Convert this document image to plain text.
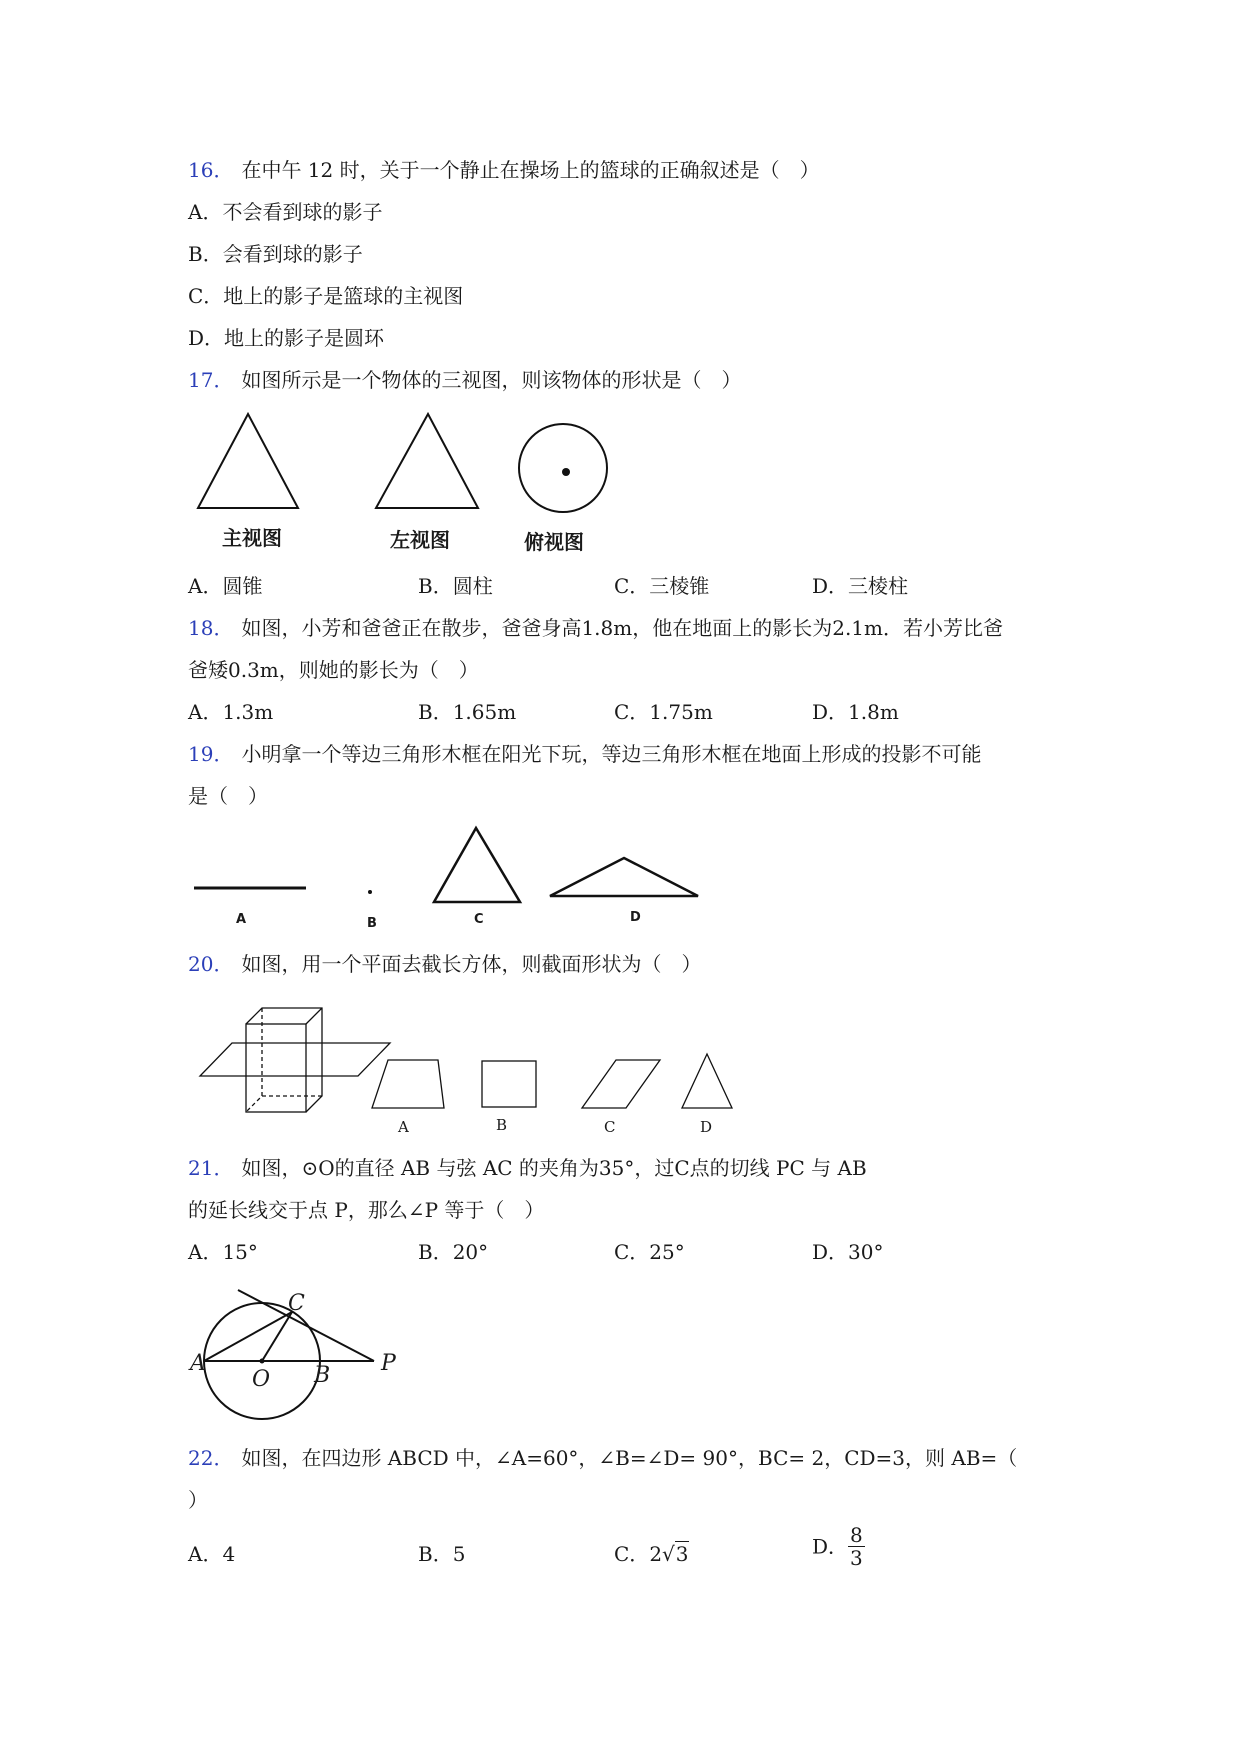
16． 在中午 12 时，关于一个静止在操场上的篮球的正确叙述是（　）
A．不会看到球的影子
B．会看到球的影子
C．地上的影子是篮球的主视图
D．地上的影子是圆环
17． 如图所示是一个物体的三视图，则该物体的形状是（　）
主视图	左视图	俯视图
A．圆锥	B．圆柱	C．三棱锥	D．三棱柱
18． 如图，小芳和爸爸正在散步，爸爸身高1.8m，他在地面上的影长为2.1m．若小芳比爸
爸矮0.3m，则她的影长为（　）
A．1.3m	B．1.65m	C．1.75m	D．1.8m
19． 小明拿一个等边三角形木框在阳光下玩，等边三角形木框在地面上形成的投影不可能
是（　）
A	B	C	D
20． 如图，用一个平面去截长方体，则截面形状为（　）
A	B	C	D
21． 如图，⊙O的直径 AB 与弦 AC 的夹角为35°，过C点的切线 PC 与 AB
的延长线交于点 P，那么∠P 等于（　）
A．15°	B．20°	C．25°	D．30°
A
O B
C
P
22． 如图，在四边形 ABCD 中，∠A=60°，∠B=∠D= 90°，BC= 2，CD=3，则 AB=（
）
A．4	B．5	C．2√3	D． $\frac{8}{3}$
